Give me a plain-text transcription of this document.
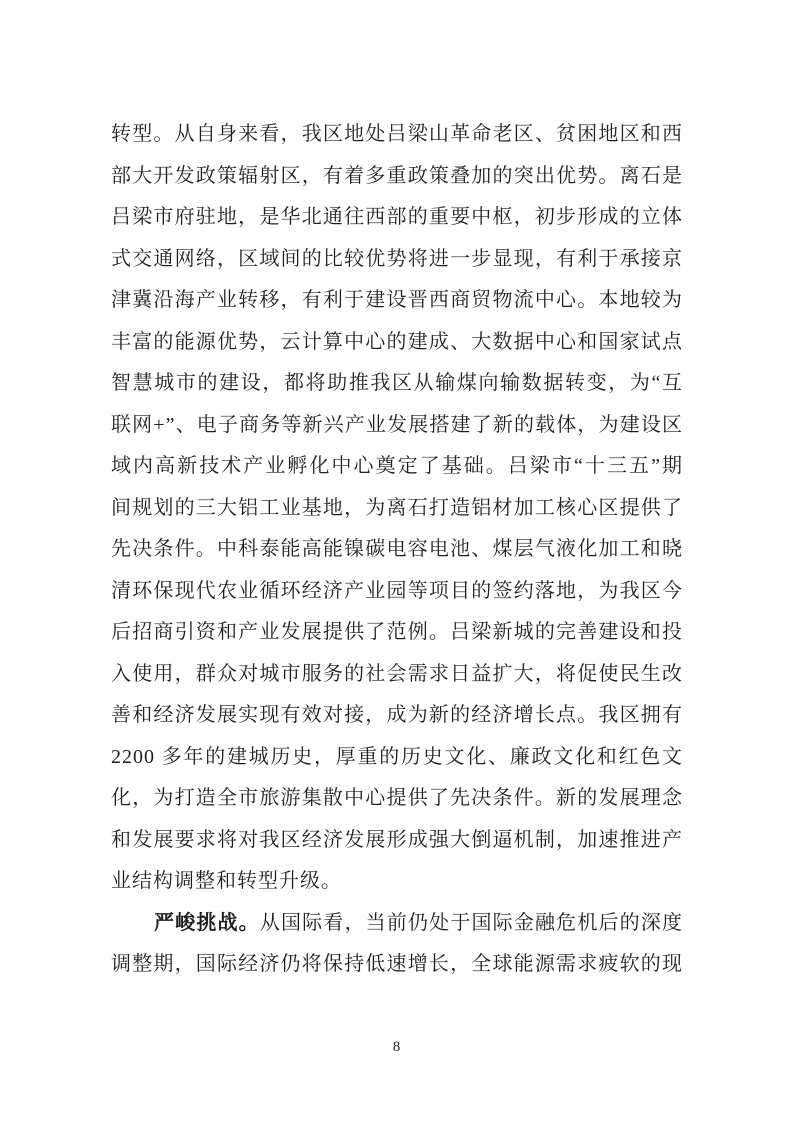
转型。从自身来看，我区地处吕梁山革命老区、贫困地区和西
部大开发政策辐射区，有着多重政策叠加的突出优势。离石是
吕梁市府驻地，是华北通往西部的重要中枢，初步形成的立体
式交通网络，区域间的比较优势将进一步显现，有利于承接京
津冀沿海产业转移，有利于建设晋西商贸物流中心。本地较为
丰富的能源优势，云计算中心的建成、大数据中心和国家试点
智慧城市的建设，都将助推我区从输煤向输数据转变，为“互
联网+”、电子商务等新兴产业发展搭建了新的载体，为建设区
域内高新技术产业孵化中心奠定了基础。吕梁市“十三五”期
间规划的三大铝工业基地，为离石打造铝材加工核心区提供了
先决条件。中科泰能高能镍碳电容电池、煤层气液化加工和晓
清环保现代农业循环经济产业园等项目的签约落地，为我区今
后招商引资和产业发展提供了范例。吕梁新城的完善建设和投
入使用，群众对城市服务的社会需求日益扩大，将促使民生改
善和经济发展实现有效对接，成为新的经济增长点。我区拥有
2200 多年的建城历史，厚重的历史文化、廉政文化和红色文
化，为打造全市旅游集散中心提供了先决条件。新的发展理念
和发展要求将对我区经济发展形成强大倒逼机制，加速推进产
业结构调整和转型升级。
严峻挑战。从国际看，当前仍处于国际金融危机后的深度
调整期，国际经济仍将保持低速增长，全球能源需求疲软的现
8
